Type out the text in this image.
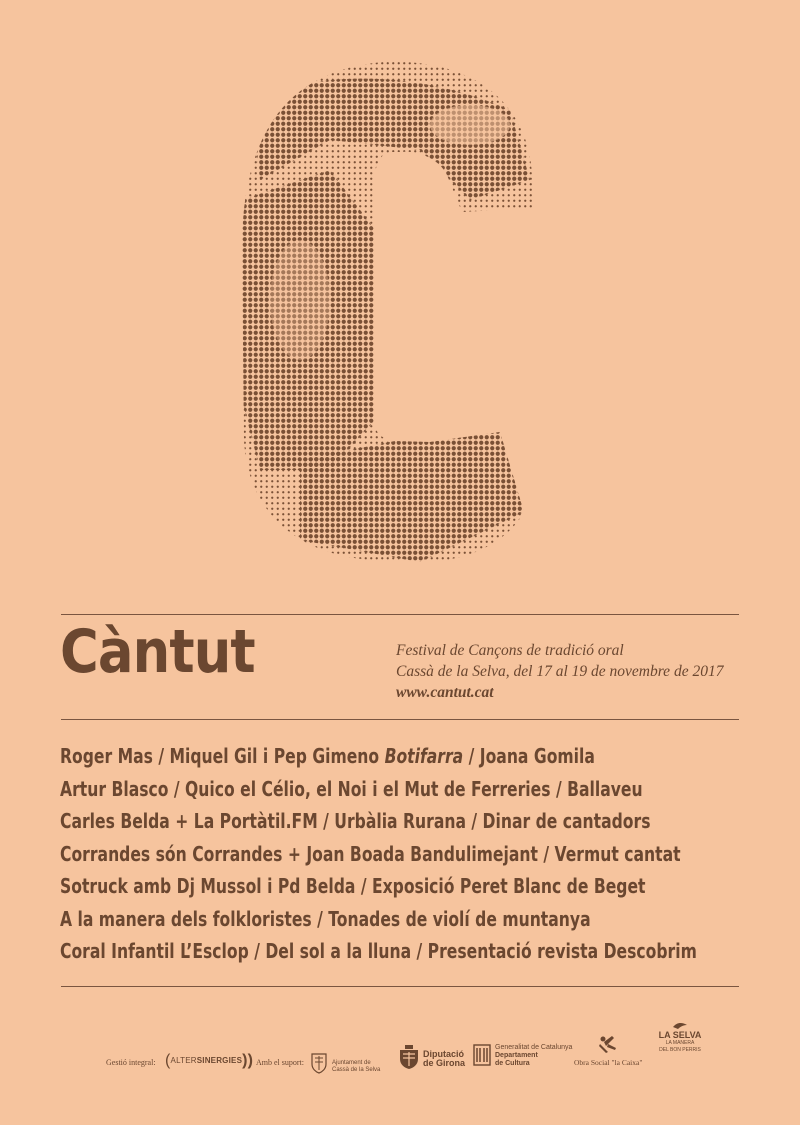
Càntut	Festival de Cançons de tradició oral
Cassà de la Selva, del 17 al 19 de novembre de 2017
www.cantut.cat
Roger Mas / Miquel Gil i Pep Gimeno Botifarra / Joana Gomila
Artur Blasco / Quico el Célio, el Noi i el Mut de Ferreries / Ballaveu
Carles Belda + La Portàtil.FM / Urbàlia Rurana / Dinar de cantadors
Corrandes són Corrandes + Joan Boada Bandulimejant / Vermut cantat
Sotruck amb Dj Mussol i Pd Belda / Exposició Peret Blanc de Beget
A la manera dels folkloristes / Tonades de violí de muntanya
Coral Infantil L’Esclop / Del sol a la lluna / Presentació revista Descobrim
Gestió integral: (ALTERSINERGIES)) Amb el suport:	Ajuntament de
Cassà de la Selva
Diputació
de Girona
Generalitat de Catalunya
Departament
de Cultura	Obra Social "la Caixa"
LA SELVA
LA MANERA
DEL BON PERRIS
